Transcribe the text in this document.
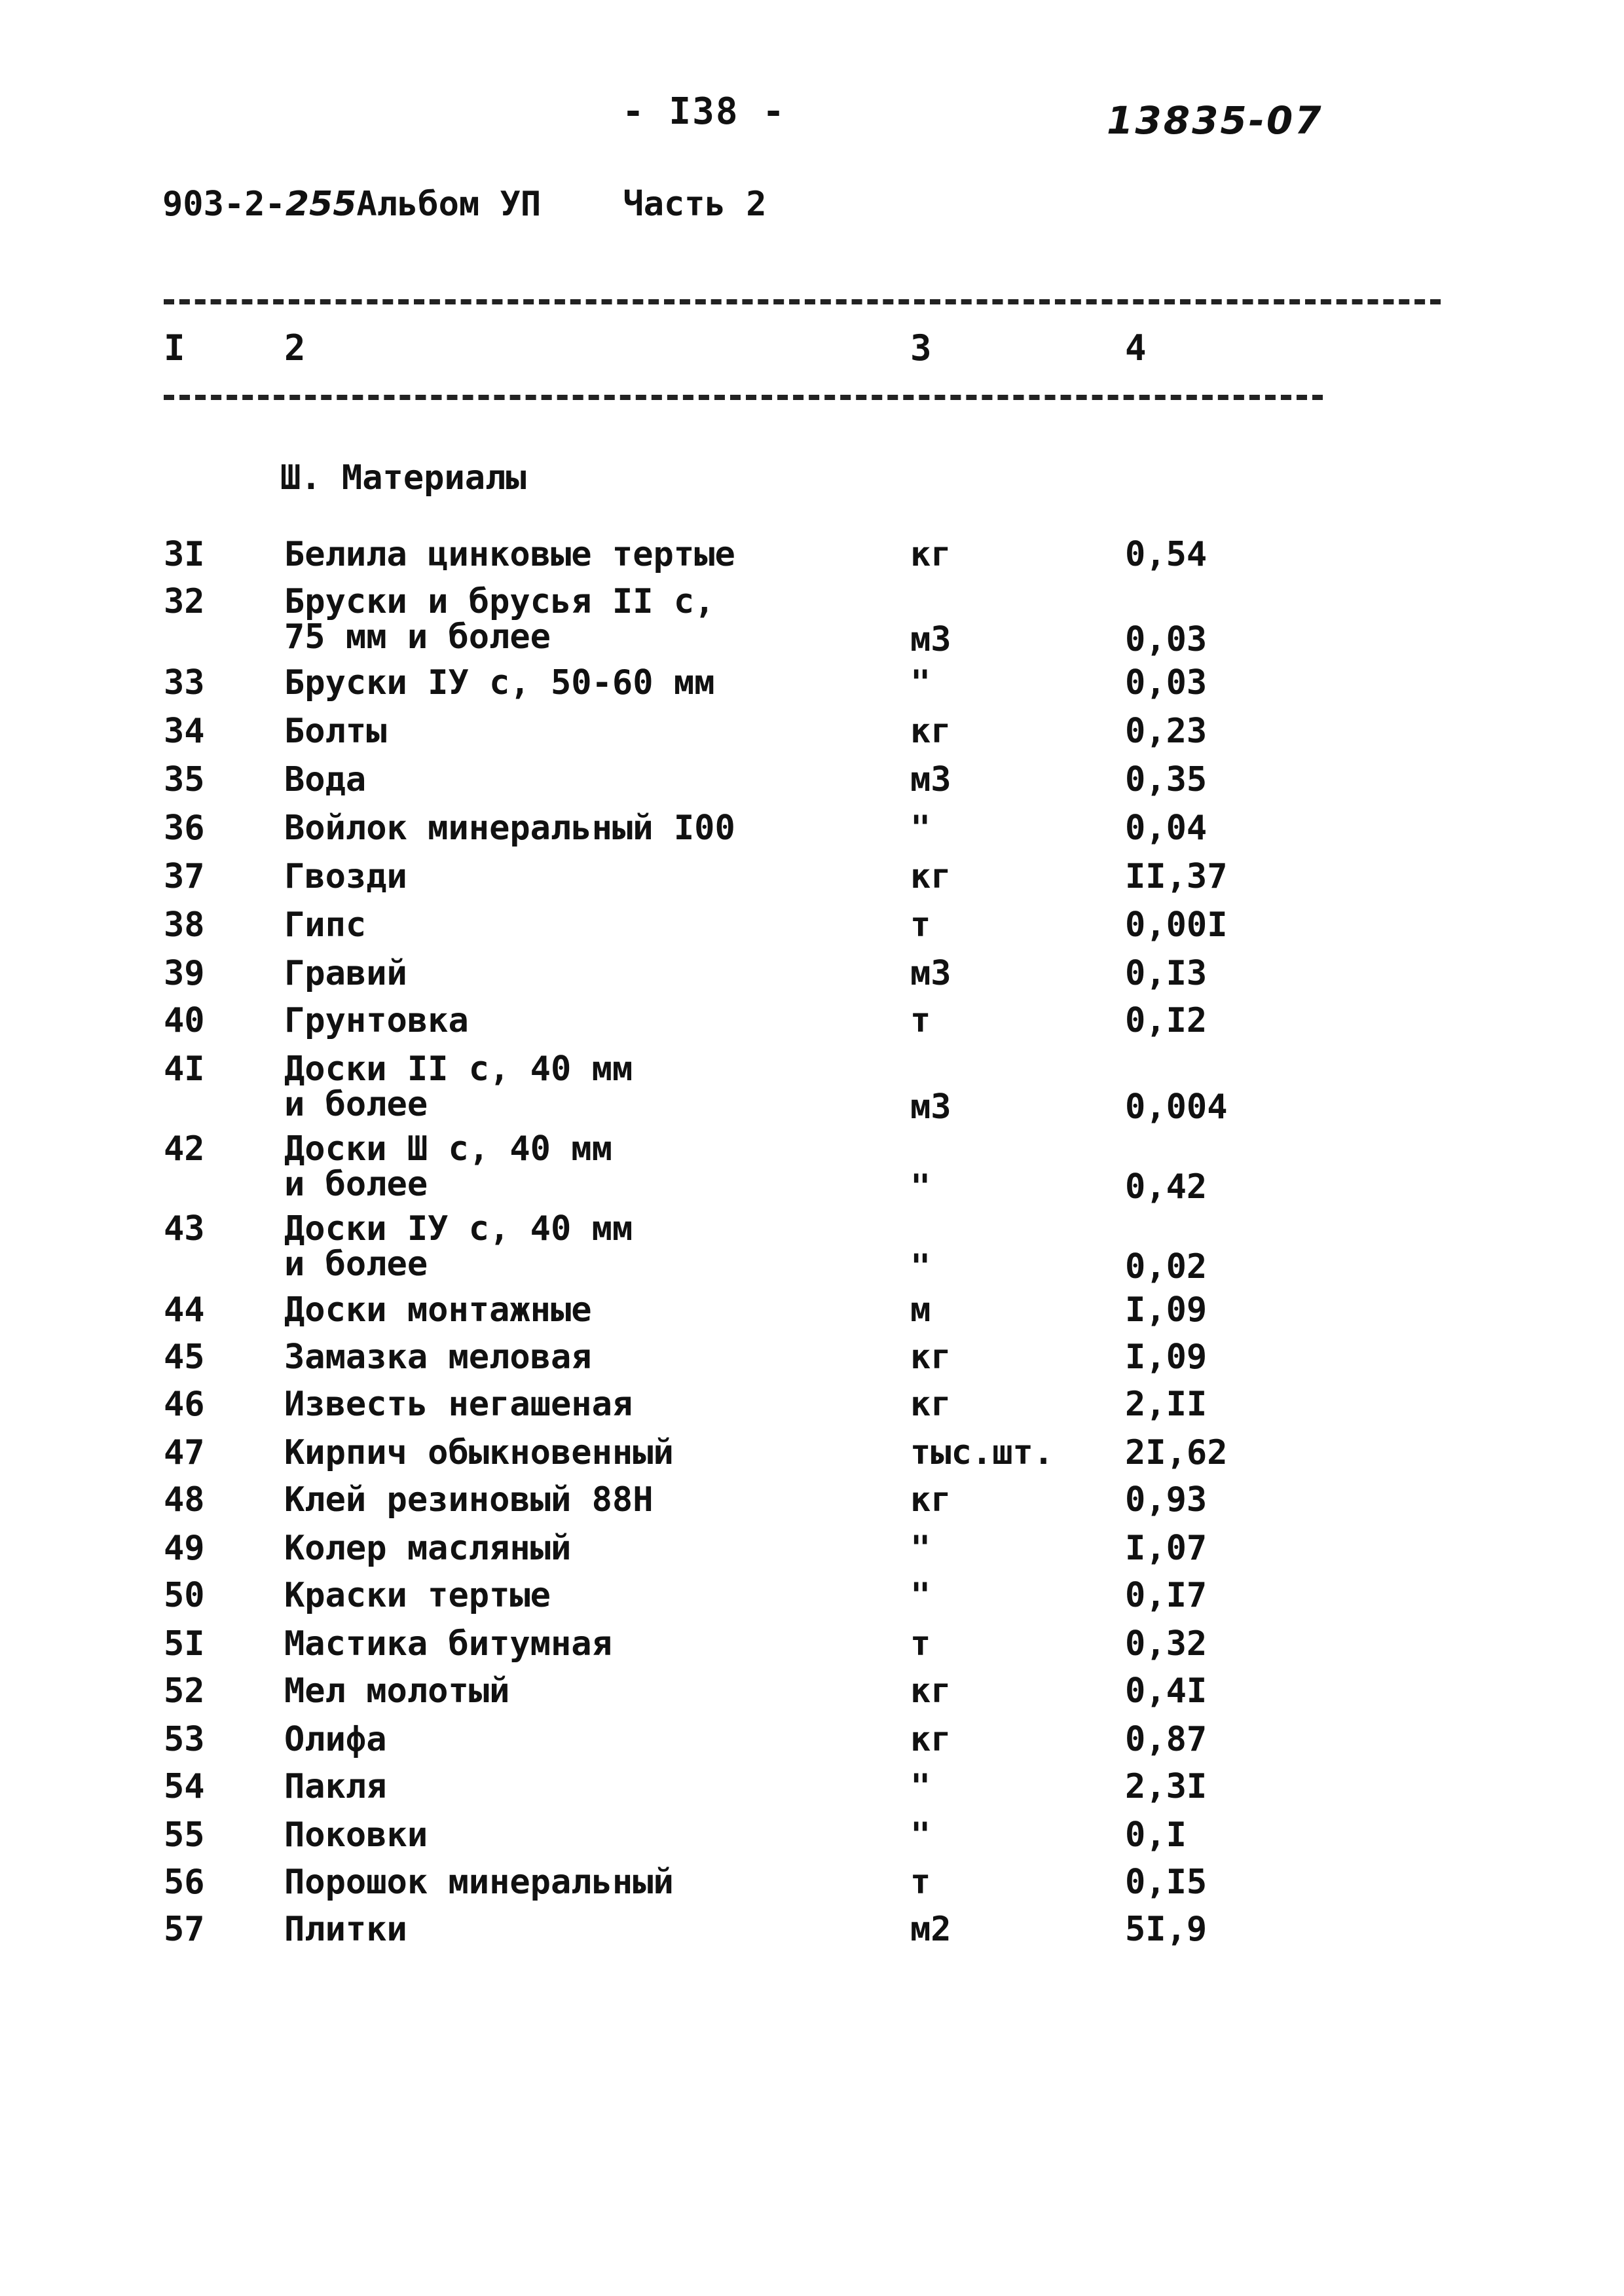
- I38 -	13835-07
903-2-255Альбом УП Часть 2
I	2	3	4
Ш. Материалы
3I Белила цинковые тертые	кг	0,54
32 Бруски и брусья II с,
75 мм и более	м3	0,03
33 Бруски IУ с, 50-60 мм	"	0,03
34 Болты	кг	0,23
35 Вода	м3	0,35
36 Войлок минеральный I00	"	0,04
37 Гвозди	кг	II,37
38 Гипс	т	0,00I
39 Гравий	м3	0,I3
40 Грунтовка	т	0,I2
4I Доски II с, 40 мм
и более	м3	0,004
42 Доски Ш с, 40 мм
и более	"	0,42
43 Доски IУ с, 40 мм
и более	"	0,02
44 Доски монтажные	м	I,09
45 Замазка меловая	кг	I,09
46 Известь негашеная	кг	2,II
47 Кирпич обыкновенный	тыс.шт. 2I,62
48 Клей резиновый 88Н	кг	0,93
49 Колер масляный	"	I,07
50 Краски тертые	"	0,I7
5I Мастика битумная	т	0,32
52 Мел молотый	кг	0,4I
53 Олифа	кг	0,87
54 Пакля	"	2,3I
55 Поковки	"	0,I
56 Порошок минеральный	т	0,I5
57 Плитки	м2	5I,9
